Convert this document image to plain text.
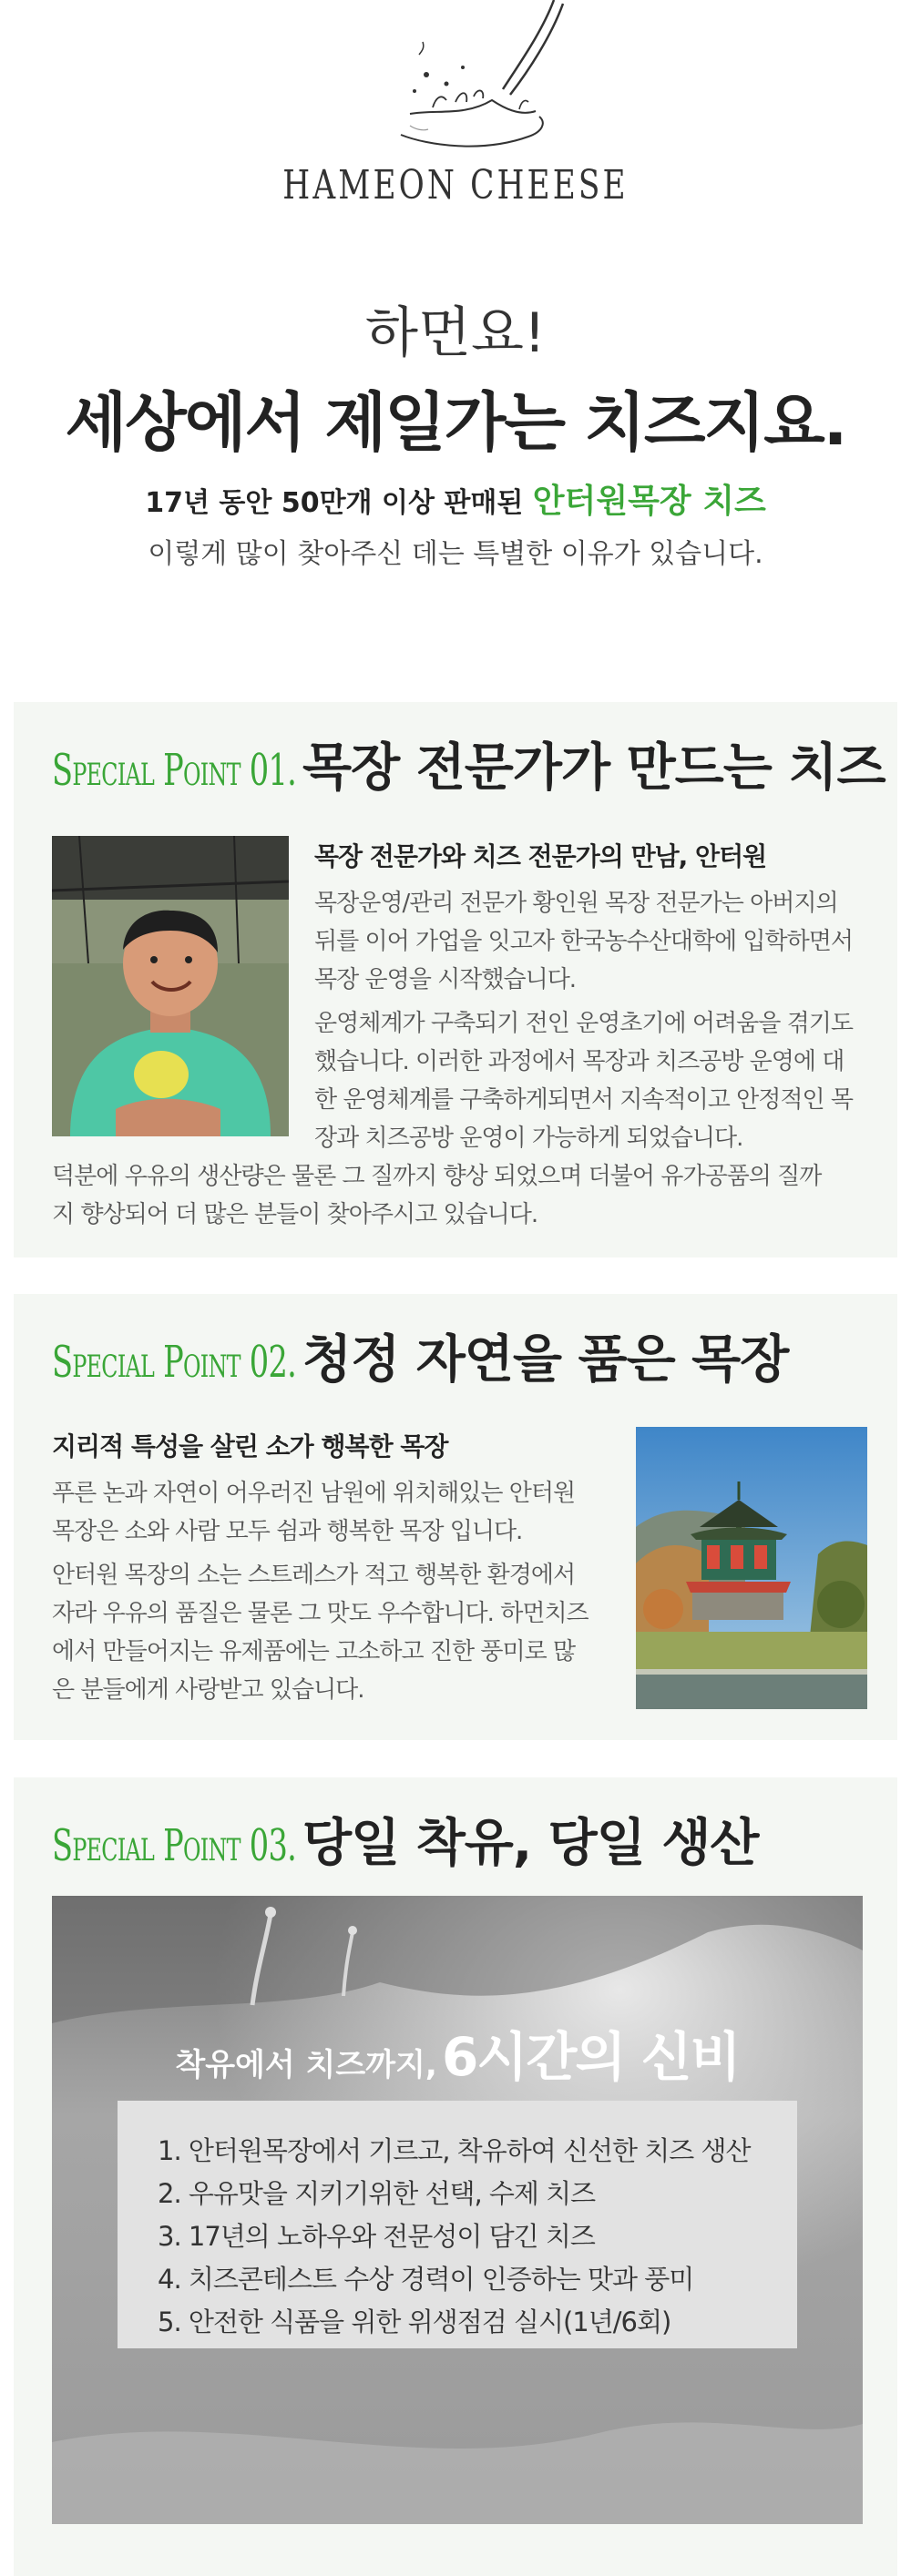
HAMEON CHEESE
하먼요!
세상에서 제일가는 치즈지요.
17년 동안 50만개 이상 판매된 안터원목장 치즈
이렇게 많이 찾아주신 데는 특별한 이유가 있습니다.
Special Point 01. 목장 전문가가 만드는 치즈
목장 전문가와 치즈 전문가의 만남, 안터원
목장운영/관리 전문가 황인원 목장 전문가는 아버지의
뒤를 이어 가업을 잇고자 한국농수산대학에 입학하면서
목장 운영을 시작했습니다.
운영체계가 구축되기 전인 운영초기에 어려움을 겪기도
했습니다. 이러한 과정에서 목장과 치즈공방 운영에 대
한 운영체계를 구축하게되면서 지속적이고 안정적인 목
장과 치즈공방 운영이 가능하게 되었습니다.
덕분에 우유의 생산량은 물론 그 질까지 향상 되었으며 더불어 유가공품의 질까
지 향상되어 더 많은 분들이 찾아주시고 있습니다.
Special Point 02. 청정 자연을 품은 목장
지리적 특성을 살린 소가 행복한 목장
푸른 논과 자연이 어우러진 남원에 위치해있는 안터원
목장은 소와 사람 모두 쉼과 행복한 목장 입니다.
안터원 목장의 소는 스트레스가 적고 행복한 환경에서
자라 우유의 품질은 물론 그 맛도 우수합니다. 하먼치즈
에서 만들어지는 유제품에는 고소하고 진한 풍미로 많
은 분들에게 사랑받고 있습니다.
Special Point 03. 당일 착유, 당일 생산
착유에서 치즈까지, 6시간의 신비
1. 안터원목장에서 기르고, 착유하여 신선한 치즈 생산
2. 우유맛을 지키기위한 선택, 수제 치즈
3. 17년의 노하우와 전문성이 담긴 치즈
4. 치즈콘테스트 수상 경력이 인증하는 맛과 풍미
5. 안전한 식품을 위한 위생점검 실시(1년/6회)
